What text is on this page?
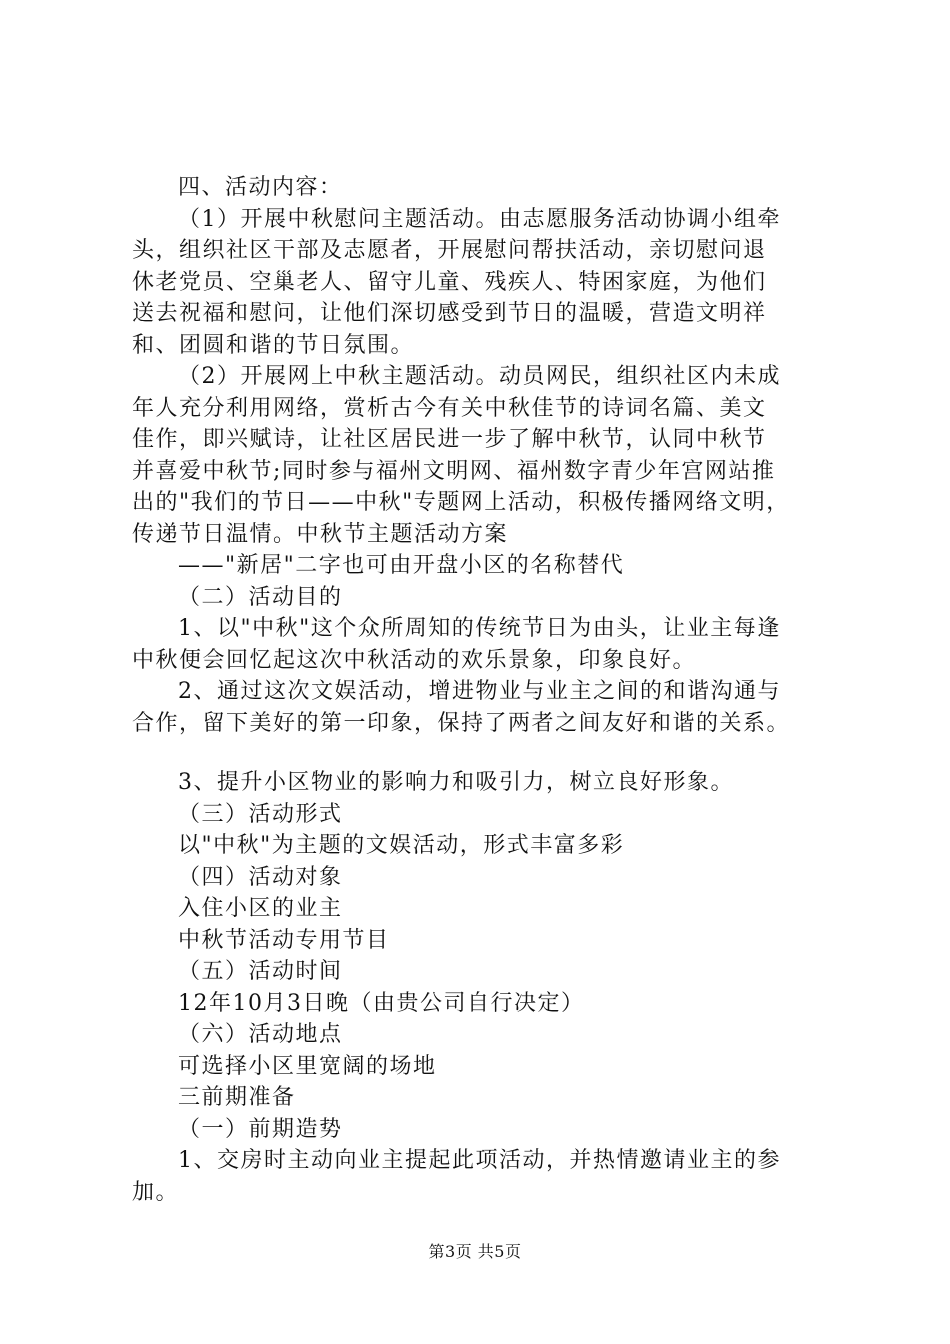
四、活动内容：
（1）开展中秋慰问主题活动。由志愿服务活动协调小组牵
头，组织社区干部及志愿者，开展慰问帮扶活动，亲切慰问退
休老党员、空巢老人、留守儿童、残疾人、特困家庭，为他们
送去祝福和慰问，让他们深切感受到节日的温暖，营造文明祥
和、团圆和谐的节日氛围。
（2）开展网上中秋主题活动。动员网民，组织社区内未成
年人充分利用网络，赏析古今有关中秋佳节的诗词名篇、美文
佳作，即兴赋诗，让社区居民进一步了解中秋节，认同中秋节
并喜爱中秋节;同时参与福州文明网、福州数字青少年宫网站推
出的"我们的节日——中秋"专题网上活动，积极传播网络文明，
传递节日温情。中秋节主题活动方案
——"新居"二字也可由开盘小区的名称替代
（二）活动目的
1、以"中秋"这个众所周知的传统节日为由头，让业主每逢
中秋便会回忆起这次中秋活动的欢乐景象，印象良好。
2、通过这次文娱活动，增进物业与业主之间的和谐沟通与
合作，留下美好的第一印象，保持了两者之间友好和谐的关系。
3、提升小区物业的影响力和吸引力，树立良好形象。
（三）活动形式
以"中秋"为主题的文娱活动，形式丰富多彩
（四）活动对象
入住小区的业主
中秋节活动专用节目
（五）活动时间
12年10月3日晚（由贵公司自行决定）
（六）活动地点
可选择小区里宽阔的场地
三前期准备
（一）前期造势
1、交房时主动向业主提起此项活动，并热情邀请业主的参
加。
第3页 共5页
